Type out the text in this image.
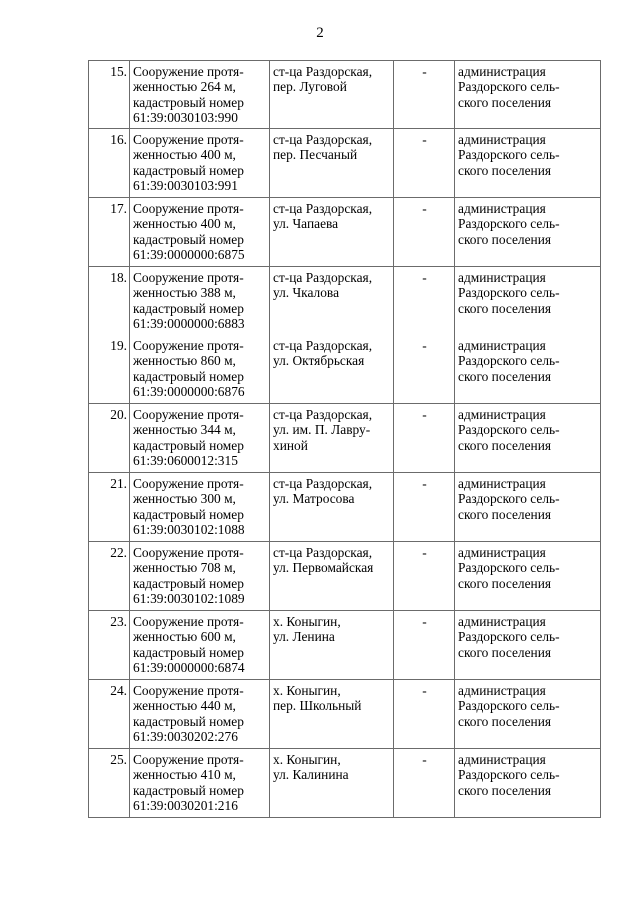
2
15.	Сооружение протя-
женностью 264 м,
кадастровый номер
61:39:0030103:990	ст-ца Раздорская,
пер. Луговой	-	администрация
Раздорского сель-
ского поселения
16.	Сооружение протя-
женностью 400 м,
кадастровый номер
61:39:0030103:991	ст-ца Раздорская,
пер. Песчаный	-	администрация
Раздорского сель-
ского поселения
17.	Сооружение протя-
женностью 400 м,
кадастровый номер
61:39:0000000:6875	ст-ца Раздорская,
ул. Чапаева	-	администрация
Раздорского сель-
ского поселения
18.	Сооружение протя-
женностью 388 м,
кадастровый номер
61:39:0000000:6883	ст-ца Раздорская,
ул. Чкалова	-	администрация
Раздорского сель-
ского поселения
19.	Сооружение протя-
женностью 860 м,
кадастровый номер
61:39:0000000:6876	ст-ца Раздорская,
ул. Октябрьская	-	администрация
Раздорского сель-
ского поселения
20.	Сооружение протя-
женностью 344 м,
кадастровый номер
61:39:0600012:315	ст-ца Раздорская,
ул. им. П. Лавру-
хиной	-	администрация
Раздорского сель-
ского поселения
21.	Сооружение протя-
женностью 300 м,
кадастровый номер
61:39:0030102:1088	ст-ца Раздорская,
ул. Матросова	-	администрация
Раздорского сель-
ского поселения
22.	Сооружение протя-
женностью 708 м,
кадастровый номер
61:39:0030102:1089	ст-ца Раздорская,
ул. Первомайская	-	администрация
Раздорского сель-
ского поселения
23.	Сооружение протя-
женностью 600 м,
кадастровый номер
61:39:0000000:6874	х. Коныгин,
ул. Ленина	-	администрация
Раздорского сель-
ского поселения
24.	Сооружение протя-
женностью 440 м,
кадастровый номер
61:39:0030202:276	х. Коныгин,
пер. Школьный	-	администрация
Раздорского сель-
ского поселения
25.	Сооружение протя-
женностью 410 м,
кадастровый номер
61:39:0030201:216	х. Коныгин,
ул. Калинина	-	администрация
Раздорского сель-
ского поселения
